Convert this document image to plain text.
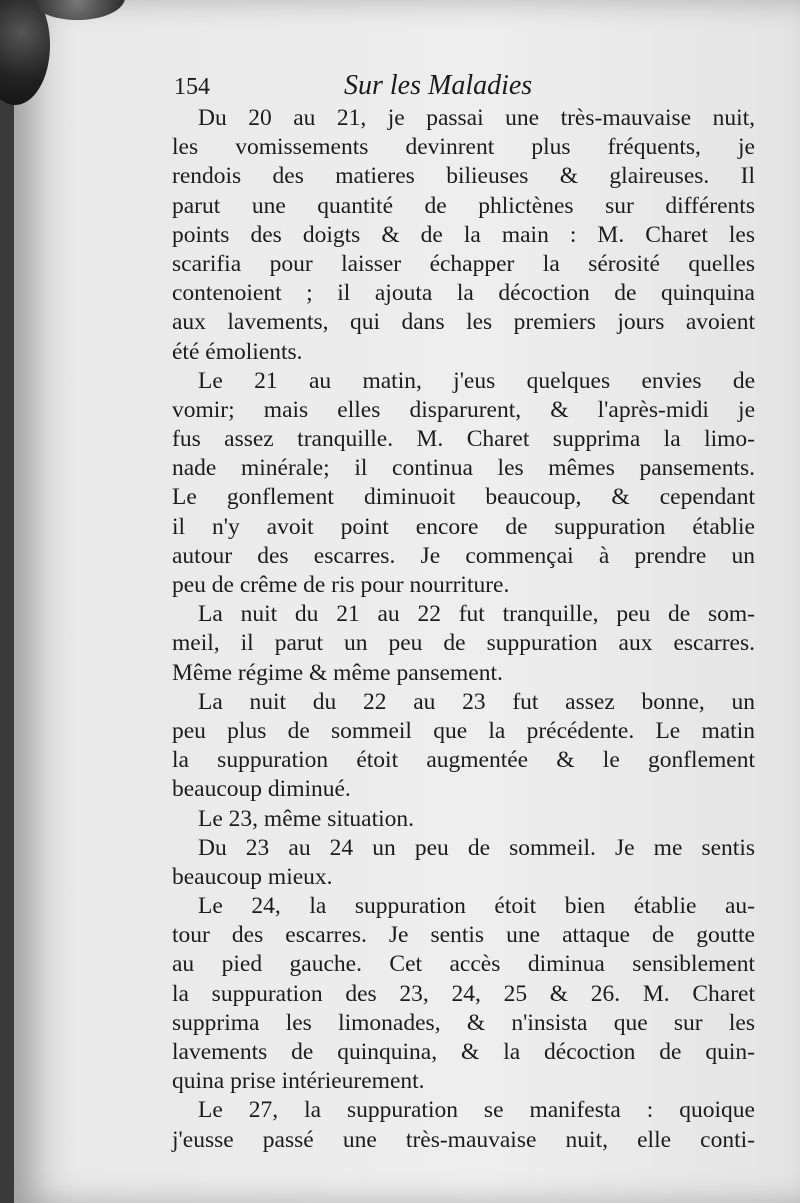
154	Sur les Maladies
Du 20 au 21, je passai une très-mauvaise nuit,
les vomissements devinrent plus fréquents, je
rendois des matieres bilieuses & glaireuses. Il
parut une quantité de phlictènes sur différents
points des doigts & de la main : M. Charet les
scarifia pour laisser échapper la sérosité quelles
contenoient ; il ajouta la décoction de quinquina
aux lavements, qui dans les premiers jours avoient
été émolients.
Le 21 au matin, j'eus quelques envies de
vomir; mais elles disparurent, & l'après-midi je
fus assez tranquille. M. Charet supprima la limo-
nade minérale; il continua les mêmes pansements.
Le gonflement diminuoit beaucoup, & cependant
il n'y avoit point encore de suppuration établie
autour des escarres. Je commençai à prendre un
peu de crême de ris pour nourriture.
La nuit du 21 au 22 fut tranquille, peu de som-
meil, il parut un peu de suppuration aux escarres.
Même régime & même pansement.
La nuit du 22 au 23 fut assez bonne, un
peu plus de sommeil que la précédente. Le matin
la suppuration étoit augmentée & le gonflement
beaucoup diminué.
Le 23, même situation.
Du 23 au 24 un peu de sommeil. Je me sentis
beaucoup mieux.
Le 24, la suppuration étoit bien établie au-
tour des escarres. Je sentis une attaque de goutte
au pied gauche. Cet accès diminua sensiblement
la suppuration des 23, 24, 25 & 26. M. Charet
supprima les limonades, & n'insista que sur les
lavements de quinquina, & la décoction de quin-
quina prise intérieurement.
Le 27, la suppuration se manifesta : quoique
j'eusse passé une très-mauvaise nuit, elle conti-
